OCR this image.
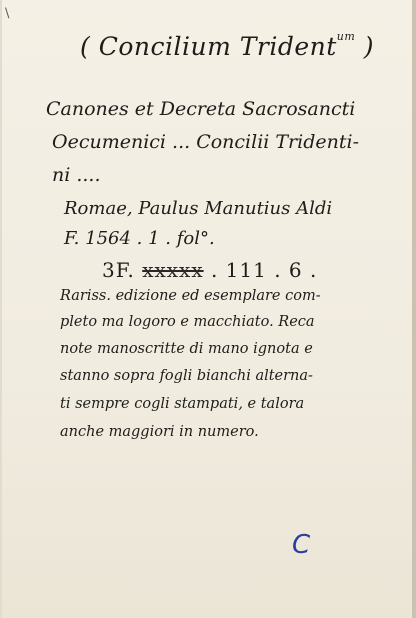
\
( Concilium Trident$^{um}$ )
Canones et Decreta Sacrosancti
Oecumenici ... Concilii Tridenti-
ni ....
Romae, Paulus Manutius Aldi
F. 1564 . 1 . fol°.
3F. xxxxx . 111 . 6 .
Rariss. edizione ed esemplare com-
pleto ma logoro e macchiato. Reca
note manoscritte di mano ignota e
stanno sopra fogli bianchi alterna-
ti sempre cogli stampati, e talora
anche maggiori in numero.
C
